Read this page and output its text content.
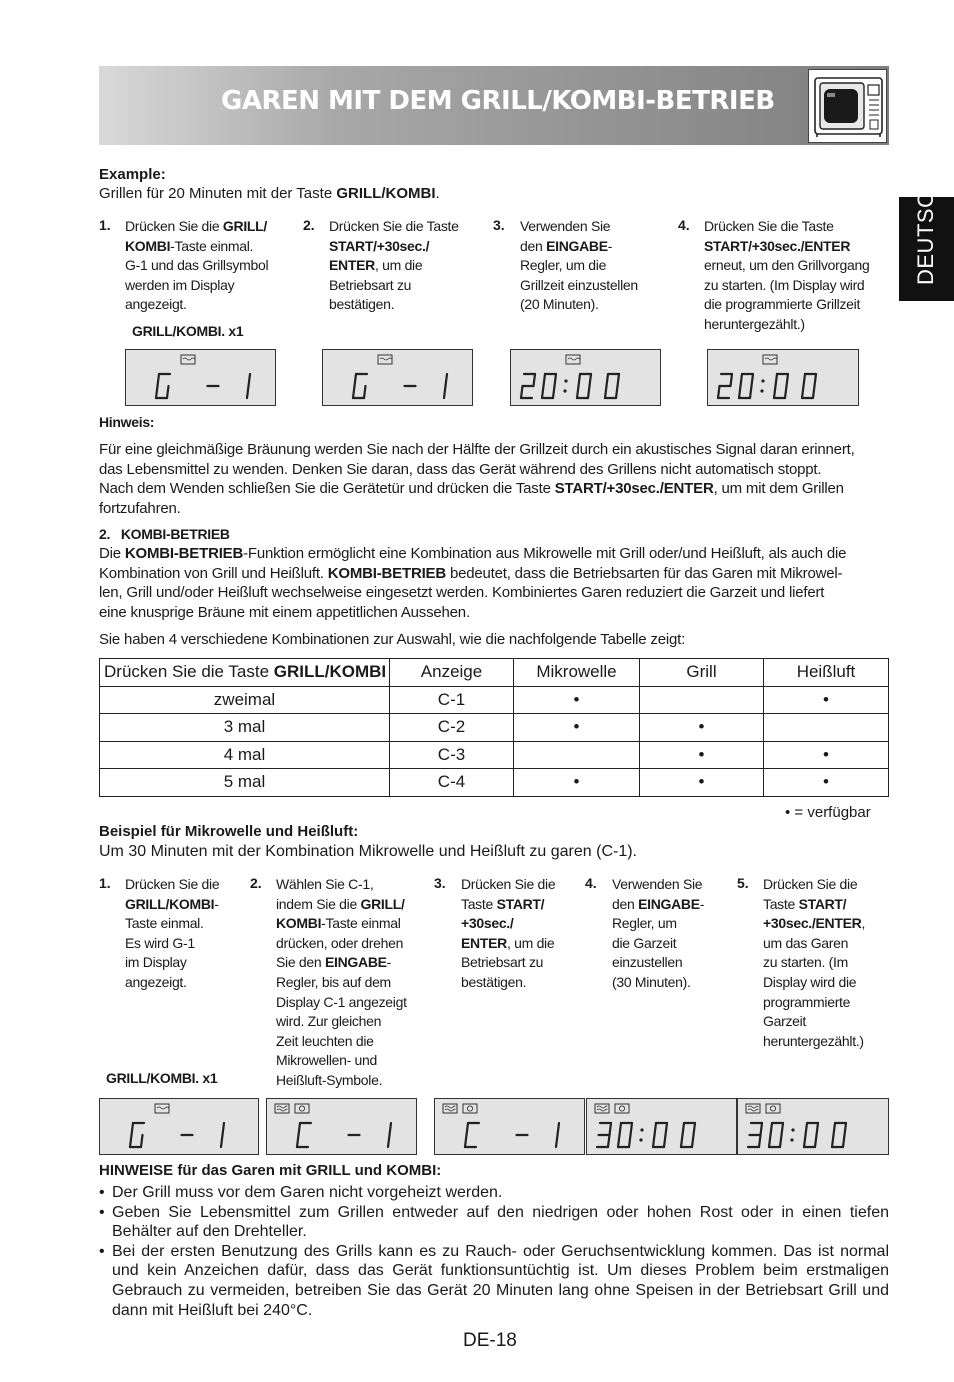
GAREN MIT DEM GRILL/KOMBI-BETRIEB
DEUTSCH
Example:
Grillen für 20 Minuten mit der Taste GRILL/KOMBI.
1. Drücken Sie die GRILL/
KOMBI-Taste einmal.
G-1 und das Grillsymbol
werden im Display
angezeigt.
2. Drücken Sie die Taste
START/+30sec./
ENTER, um die
Betriebsart zu
bestätigen.
3. Verwenden Sie
den EINGABE-
Regler, um die
Grillzeit einzustellen
(20 Minuten).
4. Drücken Sie die Taste
START/+30sec./ENTER
erneut, um den Grillvorgang
zu starten. (Im Display wird
die programmierte Grillzeit
heruntergezählt.)
GRILL/KOMBI. x1
Hinweis:
Für eine gleichmäßige Bräunung werden Sie nach der Hälfte der Grillzeit durch ein akustisches Signal daran erinnert,
das Lebensmittel zu wenden. Denken Sie daran, dass das Gerät während des Grillens nicht automatisch stoppt.
Nach dem Wenden schließen Sie die Gerätetür und drücken die Taste START/+30sec./ENTER, um mit dem Grillen
fortzufahren.
2.   KOMBI-BETRIEB
Die KOMBI-BETRIEB-Funktion ermöglicht eine Kombination aus Mikrowelle mit Grill oder/und Heißluft, als auch die
Kombination von Grill und Heißluft. KOMBI-BETRIEB bedeutet, dass die Betriebsarten für das Garen mit Mikrowel-
len, Grill und/oder Heißluft wechselweise eingesetzt werden. Kombiniertes Garen reduziert die Garzeit und liefert
eine knusprige Bräune mit einem appetitlichen Aussehen.
Sie haben 4 verschiedene Kombinationen zur Auswahl, wie die nachfolgende Tabelle zeigt:
Drücken Sie die Taste GRILL/KOMBI	Anzeige	Mikrowelle	Grill	Heißluft
zweimal	C-1	•		•
3 mal	C-2	•	•	
4 mal	C-3		•	•
5 mal	C-4	•	•	•
• = verfügbar
Beispiel für Mikrowelle und Heißluft:
Um 30 Minuten mit der Kombination Mikrowelle und Heißluft zu garen (C-1).
1. Drücken Sie die
GRILL/KOMBI-
Taste einmal.
Es wird G-1
im Display
angezeigt.
2. Wählen Sie C-1,
indem Sie die GRILL/
KOMBI-Taste einmal
drücken, oder drehen
Sie den EINGABE-
Regler, bis auf dem
Display C-1 angezeigt
wird. Zur gleichen
Zeit leuchten die
Mikrowellen- und
Heißluft-Symbole.
3. Drücken Sie die
Taste START/
+30sec./
ENTER, um die
Betriebsart zu
bestätigen.
4. Verwenden Sie
den EINGABE-
Regler, um
die Garzeit
einzustellen
(30 Minuten).
5. Drücken Sie die
Taste START/
+30sec./ENTER,
um das Garen
zu starten. (Im
Display wird die
programmierte
Garzeit
heruntergezählt.)
GRILL/KOMBI. x1
HINWEISE für das Garen mit GRILL und KOMBI:
• Der Grill muss vor dem Garen nicht vorgeheizt werden.
• Geben Sie Lebensmittel zum Grillen entweder auf den niedrigen oder hohen Rost oder in einen tiefen Behälter auf den Drehteller.
• Bei der ersten Benutzung des Grills kann es zu Rauch- oder Geruchsentwicklung kommen. Das ist normal und kein Anzeichen dafür, dass das Gerät funktionsuntüchtig ist. Um dieses Problem beim erstmaligen Gebrauch zu vermeiden, betreiben Sie das Gerät 20 Minuten lang ohne Speisen in der Betriebsart Grill und dann mit Heißluft bei 240°C.
DE-18
